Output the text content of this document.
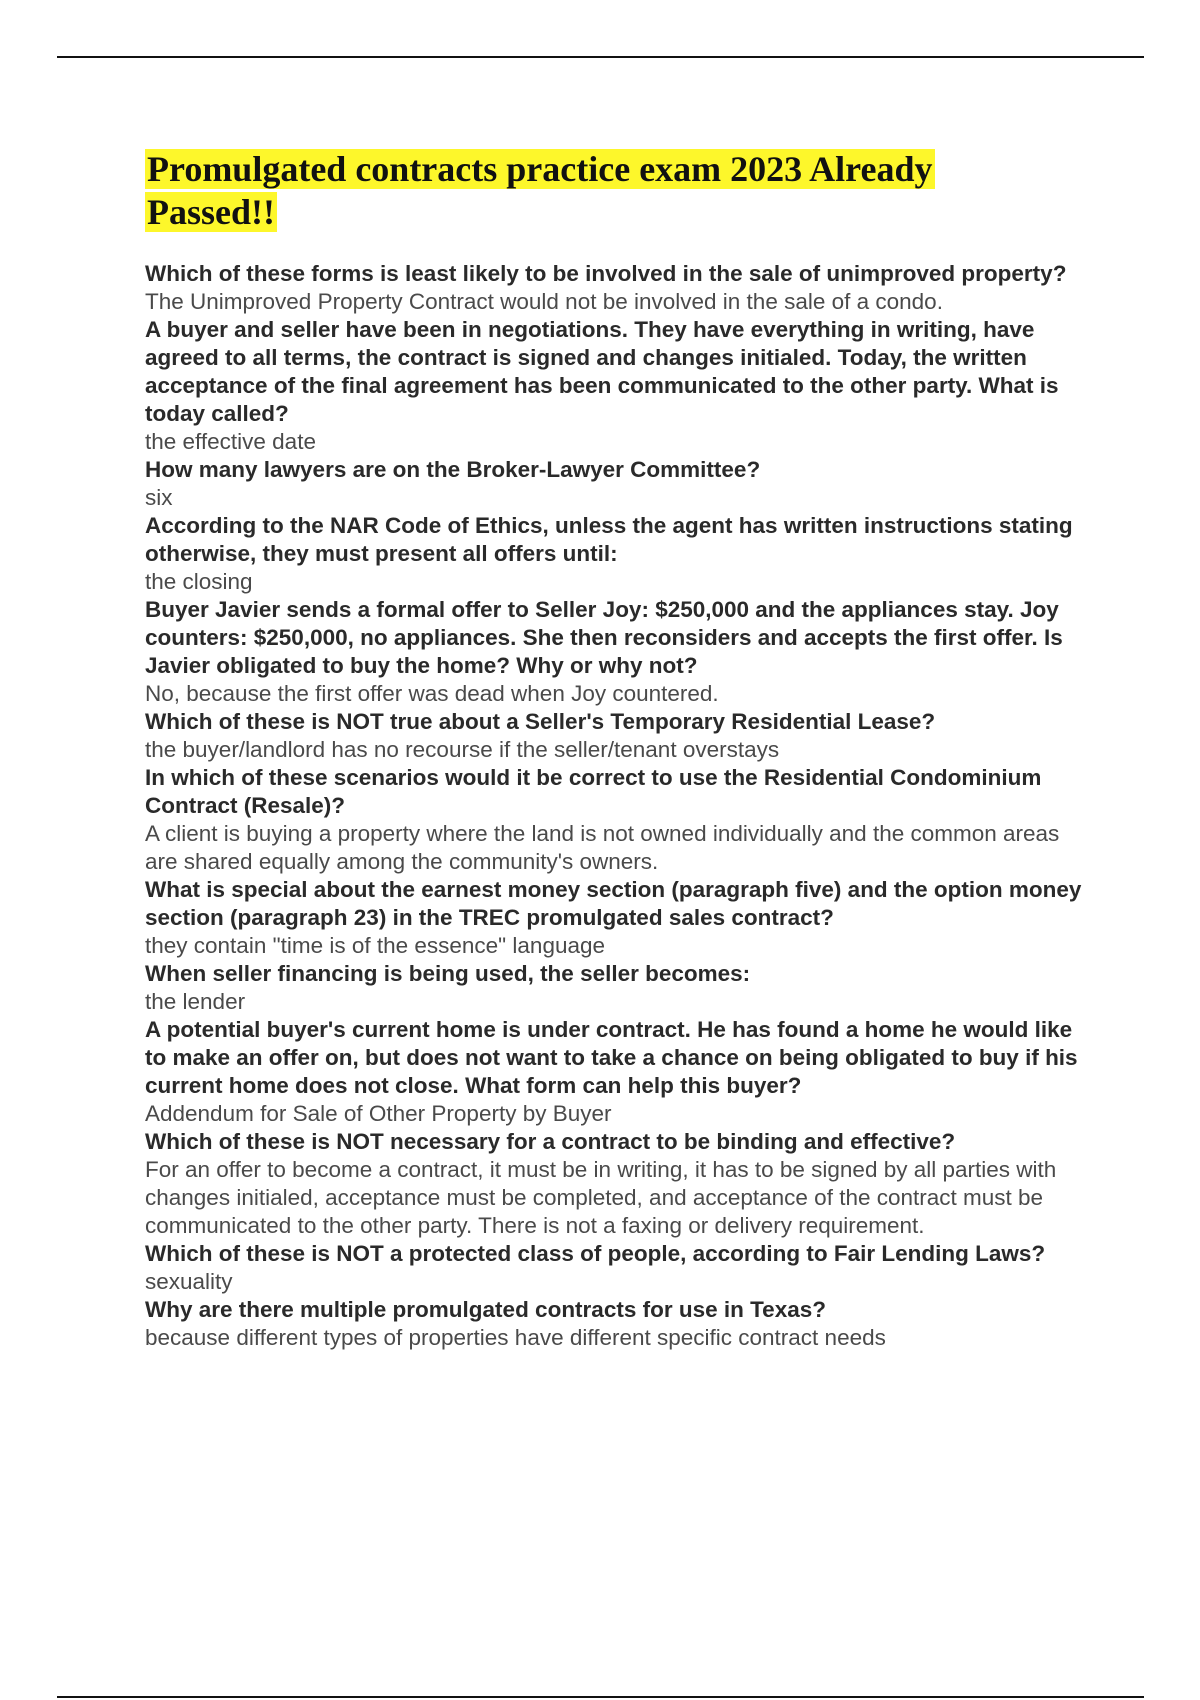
Promulgated contracts practice exam 2023 Already Passed!!

Which of these forms is least likely to be involved in the sale of unimproved property?

The Unimproved Property Contract would not be involved in the sale of a condo.

A buyer and seller have been in negotiations. They have everything in writing, have agreed to all terms, the contract is signed and changes initialed. Today, the written acceptance of the final agreement has been communicated to the other party. What is today called?

the effective date

How many lawyers are on the Broker-Lawyer Committee?

six

According to the NAR Code of Ethics, unless the agent has written instructions stating otherwise, they must present all offers until:

the closing

Buyer Javier sends a formal offer to Seller Joy: $250,000 and the appliances stay. Joy counters: $250,000, no appliances. She then reconsiders and accepts the first offer. Is Javier obligated to buy the home? Why or why not?

No, because the first offer was dead when Joy countered.

Which of these is NOT true about a Seller's Temporary Residential Lease?

the buyer/landlord has no recourse if the seller/tenant overstays

In which of these scenarios would it be correct to use the Residential Condominium Contract (Resale)?

A client is buying a property where the land is not owned individually and the common areas are shared equally among the community's owners.

What is special about the earnest money section (paragraph five) and the option money section (paragraph 23) in the TREC promulgated sales contract?

they contain "time is of the essence" language

When seller financing is being used, the seller becomes:

the lender

A potential buyer's current home is under contract. He has found a home he would like to make an offer on, but does not want to take a chance on being obligated to buy if his current home does not close. What form can help this buyer?

Addendum for Sale of Other Property by Buyer

Which of these is NOT necessary for a contract to be binding and effective?

For an offer to become a contract, it must be in writing, it has to be signed by all parties with changes initialed, acceptance must be completed, and acceptance of the contract must be communicated to the other party. There is not a faxing or delivery requirement.

Which of these is NOT a protected class of people, according to Fair Lending Laws?

sexuality

Why are there multiple promulgated contracts for use in Texas?

because different types of properties have different specific contract needs
